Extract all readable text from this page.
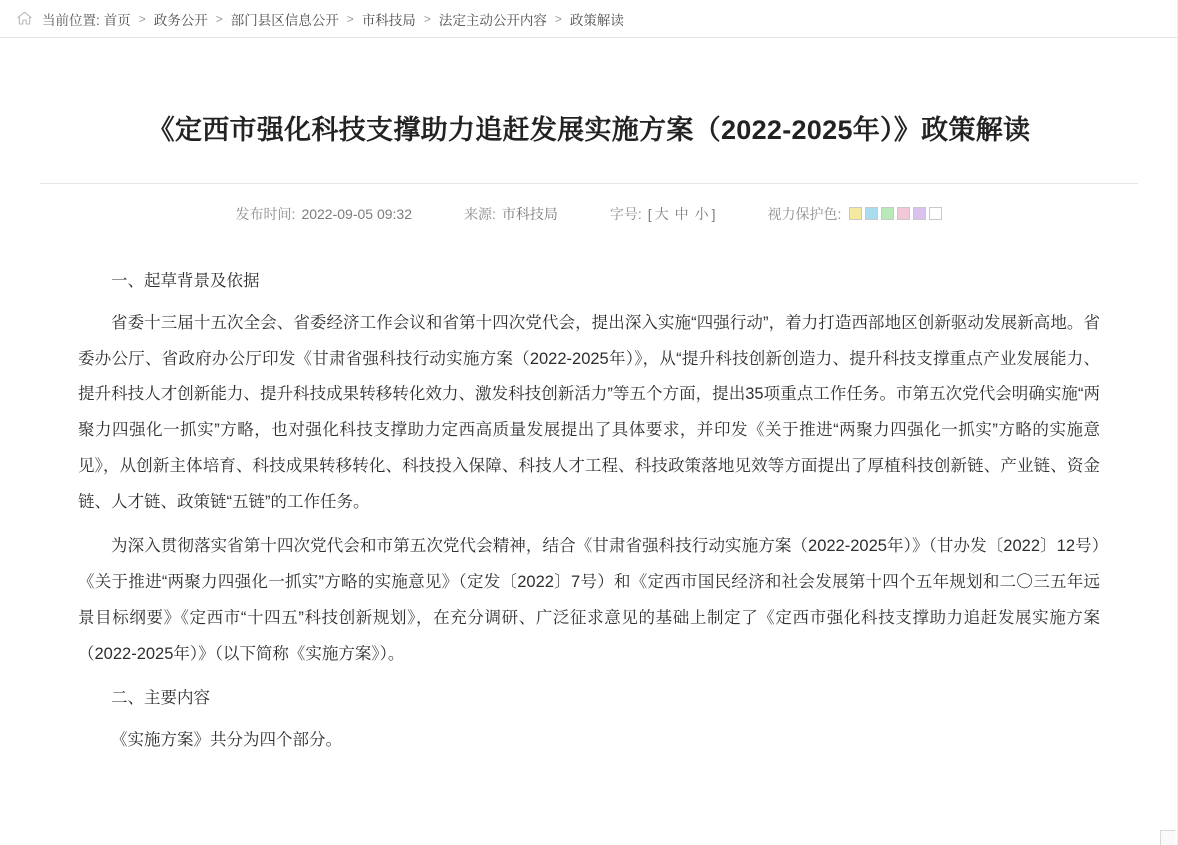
当前位置: 首页 > 政务公开 > 部门县区信息公开 > 市科技局 > 法定主动公开内容 > 政策解读
《定西市强化科技支撑助力追赶发展实施方案（2022-2025年）》政策解读
发布时间: 2022-09-05 09:32	来源: 市科技局	字号: [ 大 中 小 ]	视力保护色:

一、起草背景及依据

省委十三届十五次全会、省委经济工作会议和省第十四次党代会，提出深入实施“四强行动”，着力打造西部地区创新驱动发展新高地。省委办公厅、省政府办公厅印发《甘肃省强科技行动实施方案（2022-2025年）》，从“提升科技创新创造力、提升科技支撑重点产业发展能力、提升科技人才创新能力、提升科技成果转移转化效力、激发科技创新活力”等五个方面，提出35项重点工作任务。市第五次党代会明确实施“两聚力四强化一抓实”方略，也对强化科技支撑助力定西高质量发展提出了具体要求，并印发《关于推进“两聚力四强化一抓实”方略的实施意见》，从创新主体培育、科技成果转移转化、科技投入保障、科技人才工程、科技政策落地见效等方面提出了厚植科技创新链、产业链、资金链、人才链、政策链“五链”的工作任务。

为深入贯彻落实省第十四次党代会和市第五次党代会精神，结合《甘肃省强科技行动实施方案（2022-2025年）》（甘办发〔2022〕12号）《关于推进“两聚力四强化一抓实”方略的实施意见》（定发〔2022〕7号）和《定西市国民经济和社会发展第十四个五年规划和二〇三五年远景目标纲要》《定西市“十四五”科技创新规划》，在充分调研、广泛征求意见的基础上制定了《定西市强化科技支撑助力追赶发展实施方案（2022-2025年）》（以下简称《实施方案》）。

二、主要内容

《实施方案》共分为四个部分。
